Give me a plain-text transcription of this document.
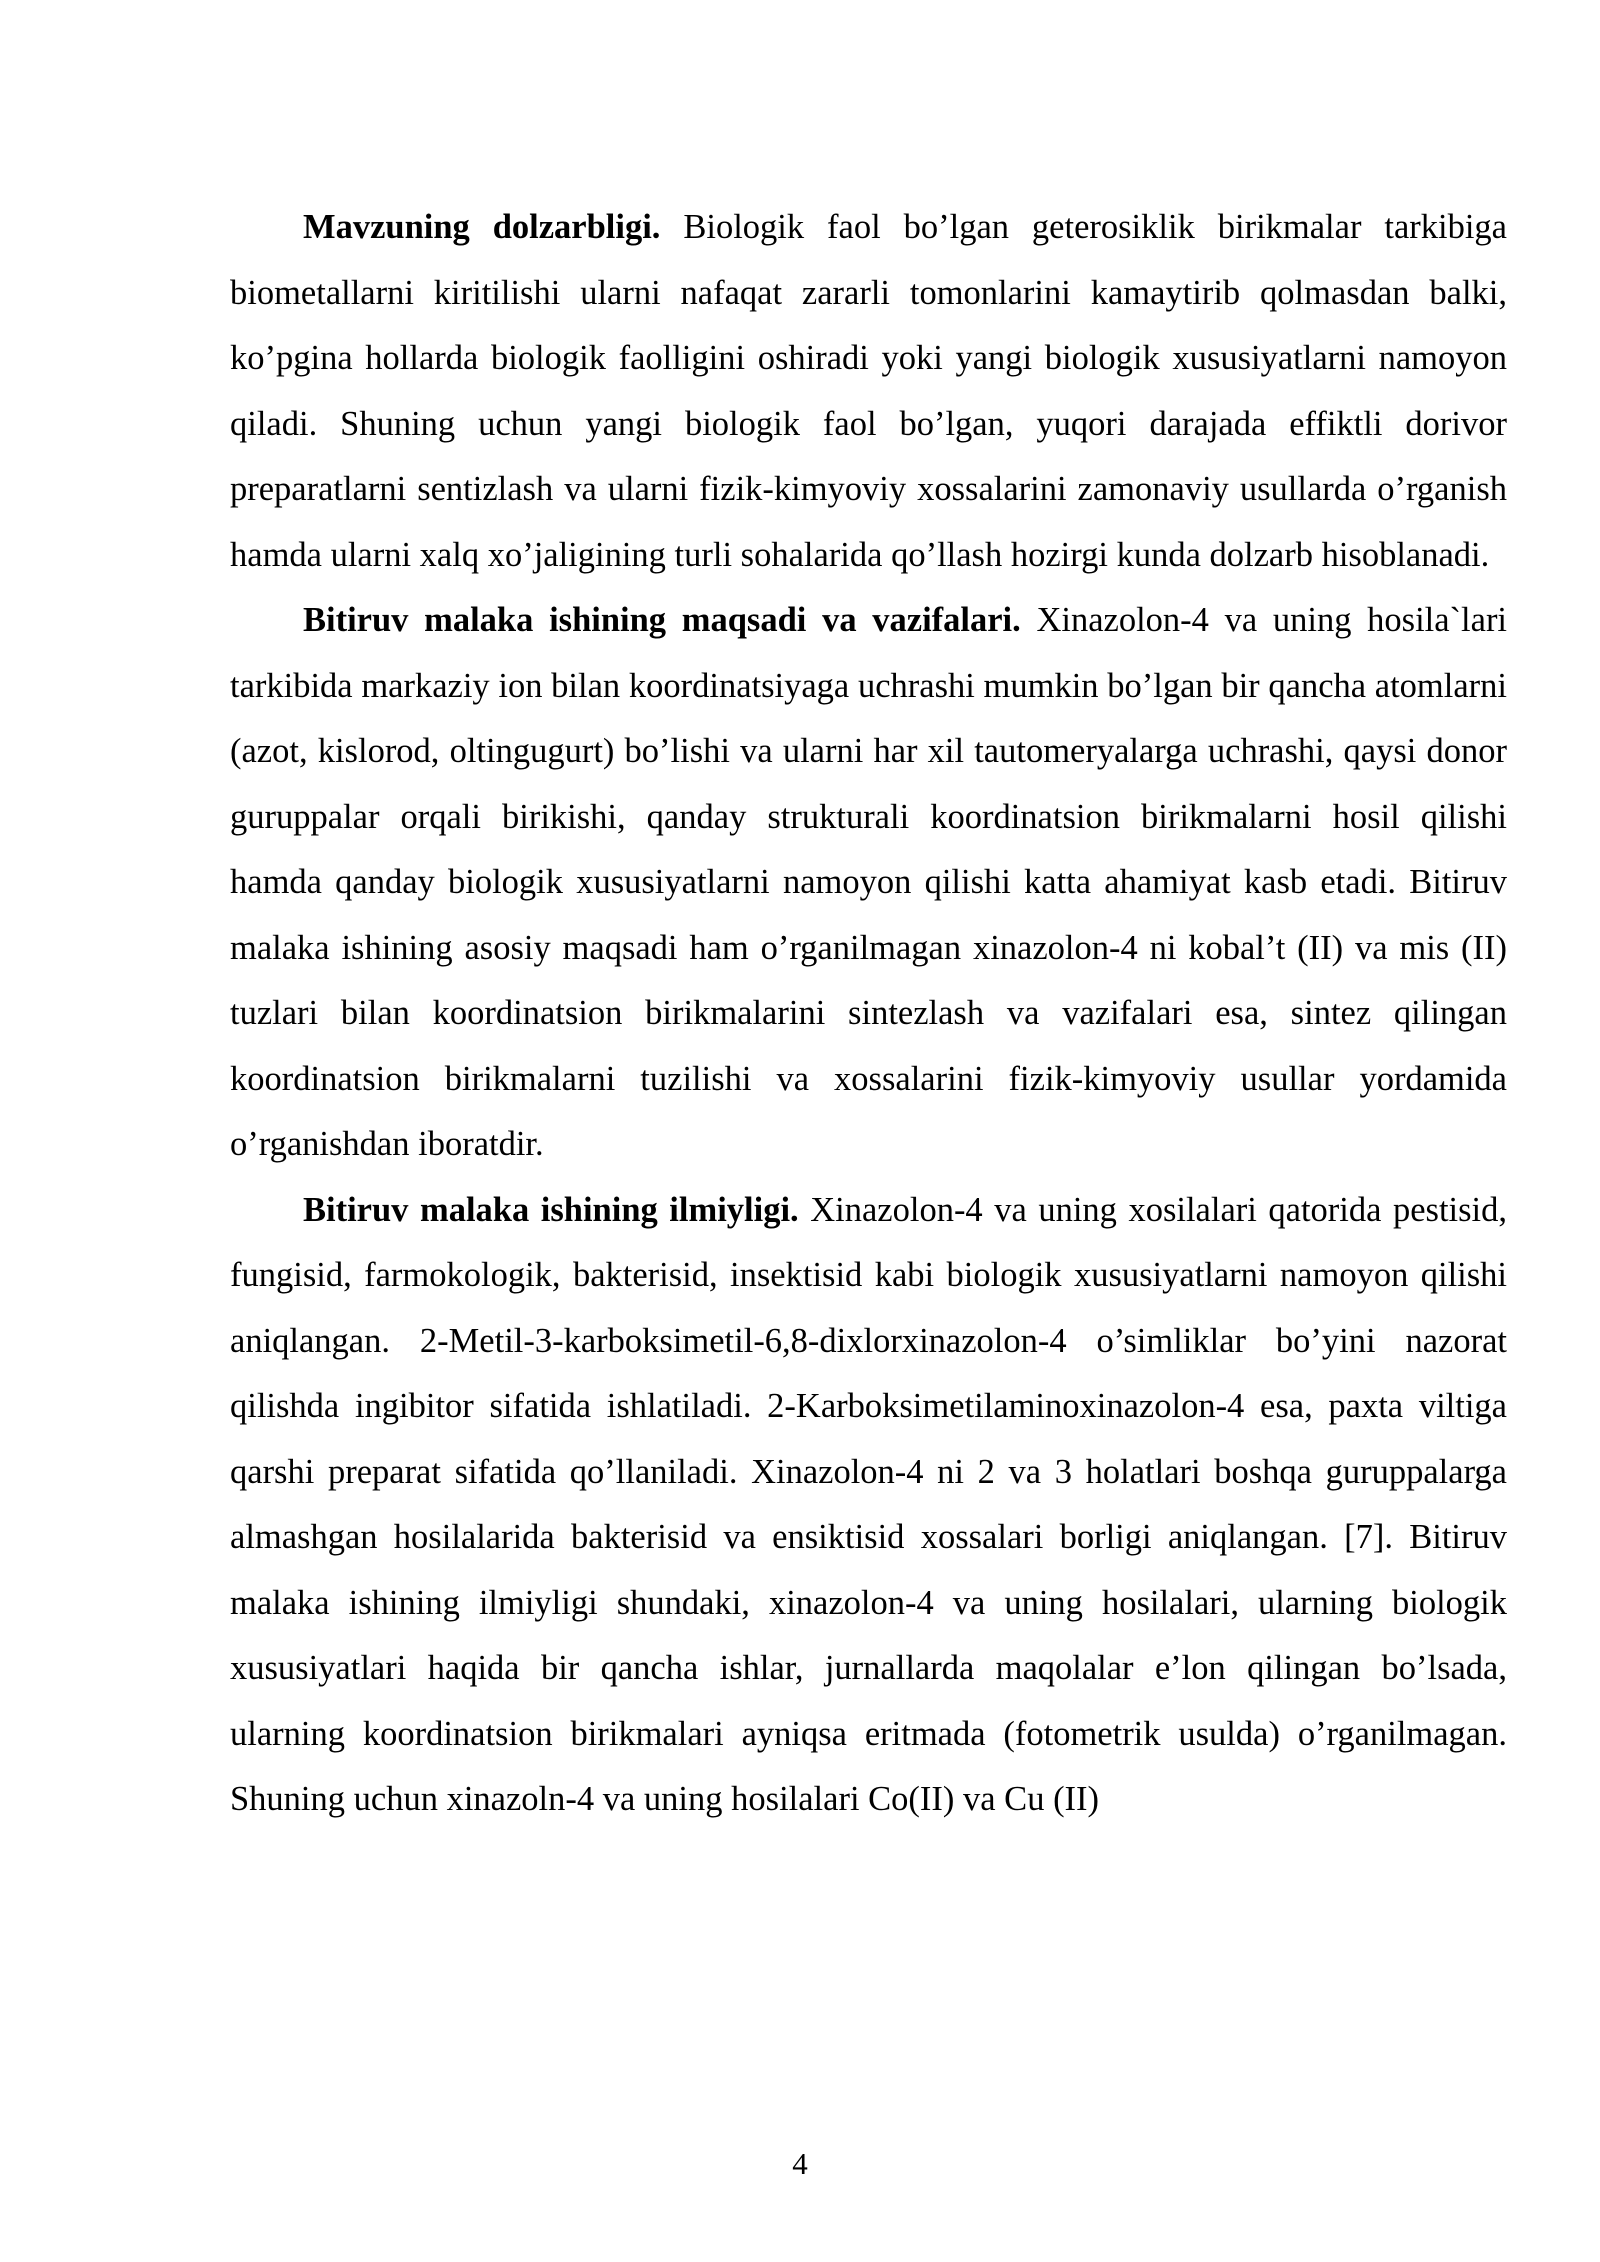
Mavzuning dolzarbligi. Biologik faol bo’lgan geterosiklik birikmalar tarkibiga biometallarni kiritilishi ularni nafaqat zararli tomonlarini kamaytirib qolmasdan balki, ko’pgina hollarda biologik faolligini oshiradi yoki yangi biologik xususiyatlarni namoyon qiladi. Shuning uchun yangi biologik faol bo’lgan, yuqori darajada effiktli dorivor preparatlarni sentizlash va ularni fizik-kimyoviy xossalarini zamonaviy usullarda o’rganish hamda ularni xalq xo’jaligining turli sohalarida qo’llash hozirgi kunda dolzarb hisoblanadi.

Bitiruv malaka ishining maqsadi va vazifalari. Xinazolon-4 va uning hosila`lari tarkibida markaziy ion bilan koordinatsiyaga uchrashi mumkin bo’lgan bir qancha atomlarni (azot, kislorod, oltingugurt) bo’lishi va ularni har xil tautomeryalarga uchrashi, qaysi donor guruppalar orqali birikishi, qanday strukturali koordinatsion birikmalarni hosil qilishi hamda qanday biologik xususiyatlarni namoyon qilishi katta ahamiyat kasb etadi. Bitiruv malaka ishining asosiy maqsadi ham o’rganilmagan xinazolon-4 ni kobal’t (II) va mis (II) tuzlari bilan koordinatsion birikmalarini sintezlash va vazifalari esa, sintez qilingan koordinatsion birikmalarni tuzilishi va xossalarini fizik-kimyoviy usullar yordamida o’rganishdan iboratdir.

Bitiruv malaka ishining ilmiyligi. Xinazolon-4 va uning xosilalari qatorida pestisid, fungisid, farmokologik, bakterisid, insektisid kabi biologik xususiyatlarni namoyon qilishi aniqlangan. 2-Metil-3-karboksimetil-6,8-dixlorxinazolon-4 o’simliklar bo’yini nazorat qilishda ingibitor sifatida ishlatiladi. 2-Karboksimetilaminoxinazolon-4 esa, paxta viltiga qarshi preparat sifatida qo’llaniladi. Xinazolon-4 ni 2 va 3 holatlari boshqa guruppalarga almashgan hosilalarida bakterisid va ensiktisid xossalari borligi aniqlangan. [7]. Bitiruv malaka ishining ilmiyligi shundaki, xinazolon-4 va uning hosilalari, ularning biologik xususiyatlari haqida bir qancha ishlar, jurnallarda maqolalar e’lon qilingan bo’lsada, ularning koordinatsion birikmalari ayniqsa eritmada (fotometrik usulda) o’rganilmagan. Shuning uchun xinazoln-4 va uning hosilalari Co(II) va Cu (II)

4
